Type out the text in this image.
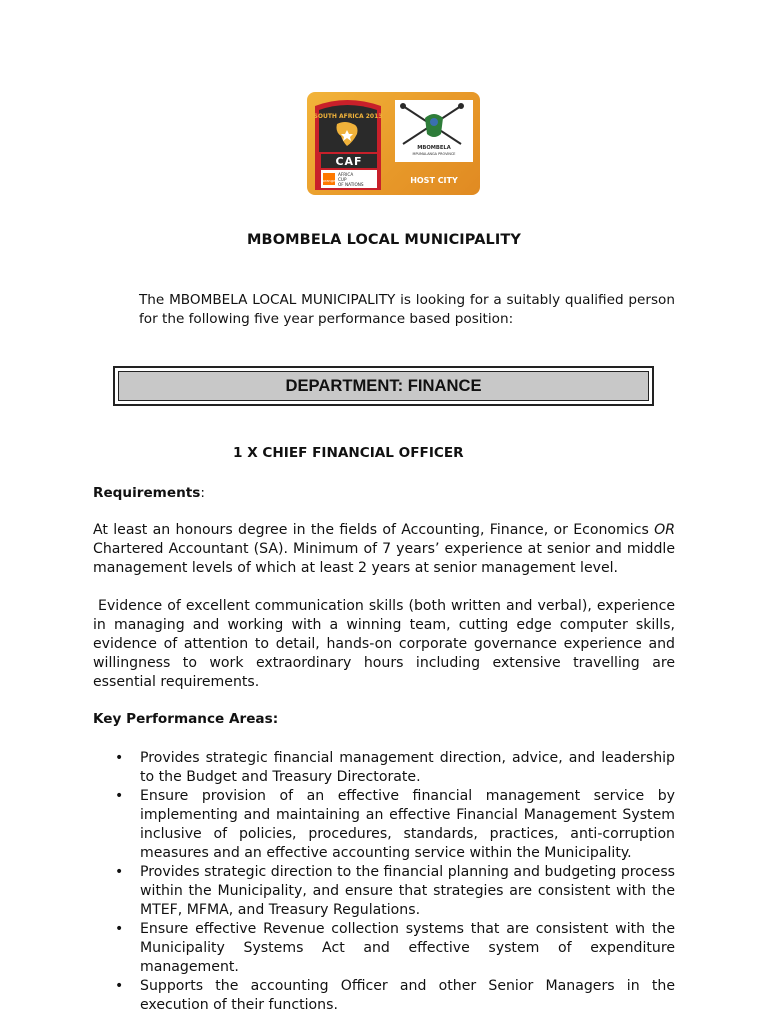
SOUTH AFRICA 2013
CAF
orange
AFRICA
CUP
OF NATIONS
MBOMBELA
MPUMALANGA PROVINCE
HOST CITY
MBOMBELA LOCAL MUNICIPALITY
The MBOMBELA LOCAL MUNICIPALITY is looking for a suitably qualified person for the following five year performance based position:
DEPARTMENT: FINANCE
1 X CHIEF FINANCIAL OFFICER
Requirements:
At least an honours degree in the fields of Accounting, Finance, or Economics OR Chartered Accountant (SA). Minimum of 7 years’ experience at senior and middle management levels of which at least 2 years at senior management level.
Evidence of excellent communication skills (both written and verbal), experience in managing and working with a winning team, cutting edge computer skills, evidence of attention to detail, hands-on corporate governance experience and willingness to work extraordinary hours including extensive travelling are essential requirements.
Key Performance Areas:
• Provides strategic financial management direction, advice, and leadership to the Budget and Treasury Directorate.
• Ensure provision of an effective financial management service by implementing and maintaining an effective Financial Management System inclusive of policies, procedures, standards, practices, anti-corruption measures and an effective accounting service within the Municipality.
• Provides strategic direction to the financial planning and budgeting process within the Municipality, and ensure that strategies are consistent with the MTEF, MFMA, and Treasury Regulations.
• Ensure effective Revenue collection systems that are consistent with the Municipality Systems Act and effective system of expenditure management.
• Supports the accounting Officer and other Senior Managers in the execution of their functions.
